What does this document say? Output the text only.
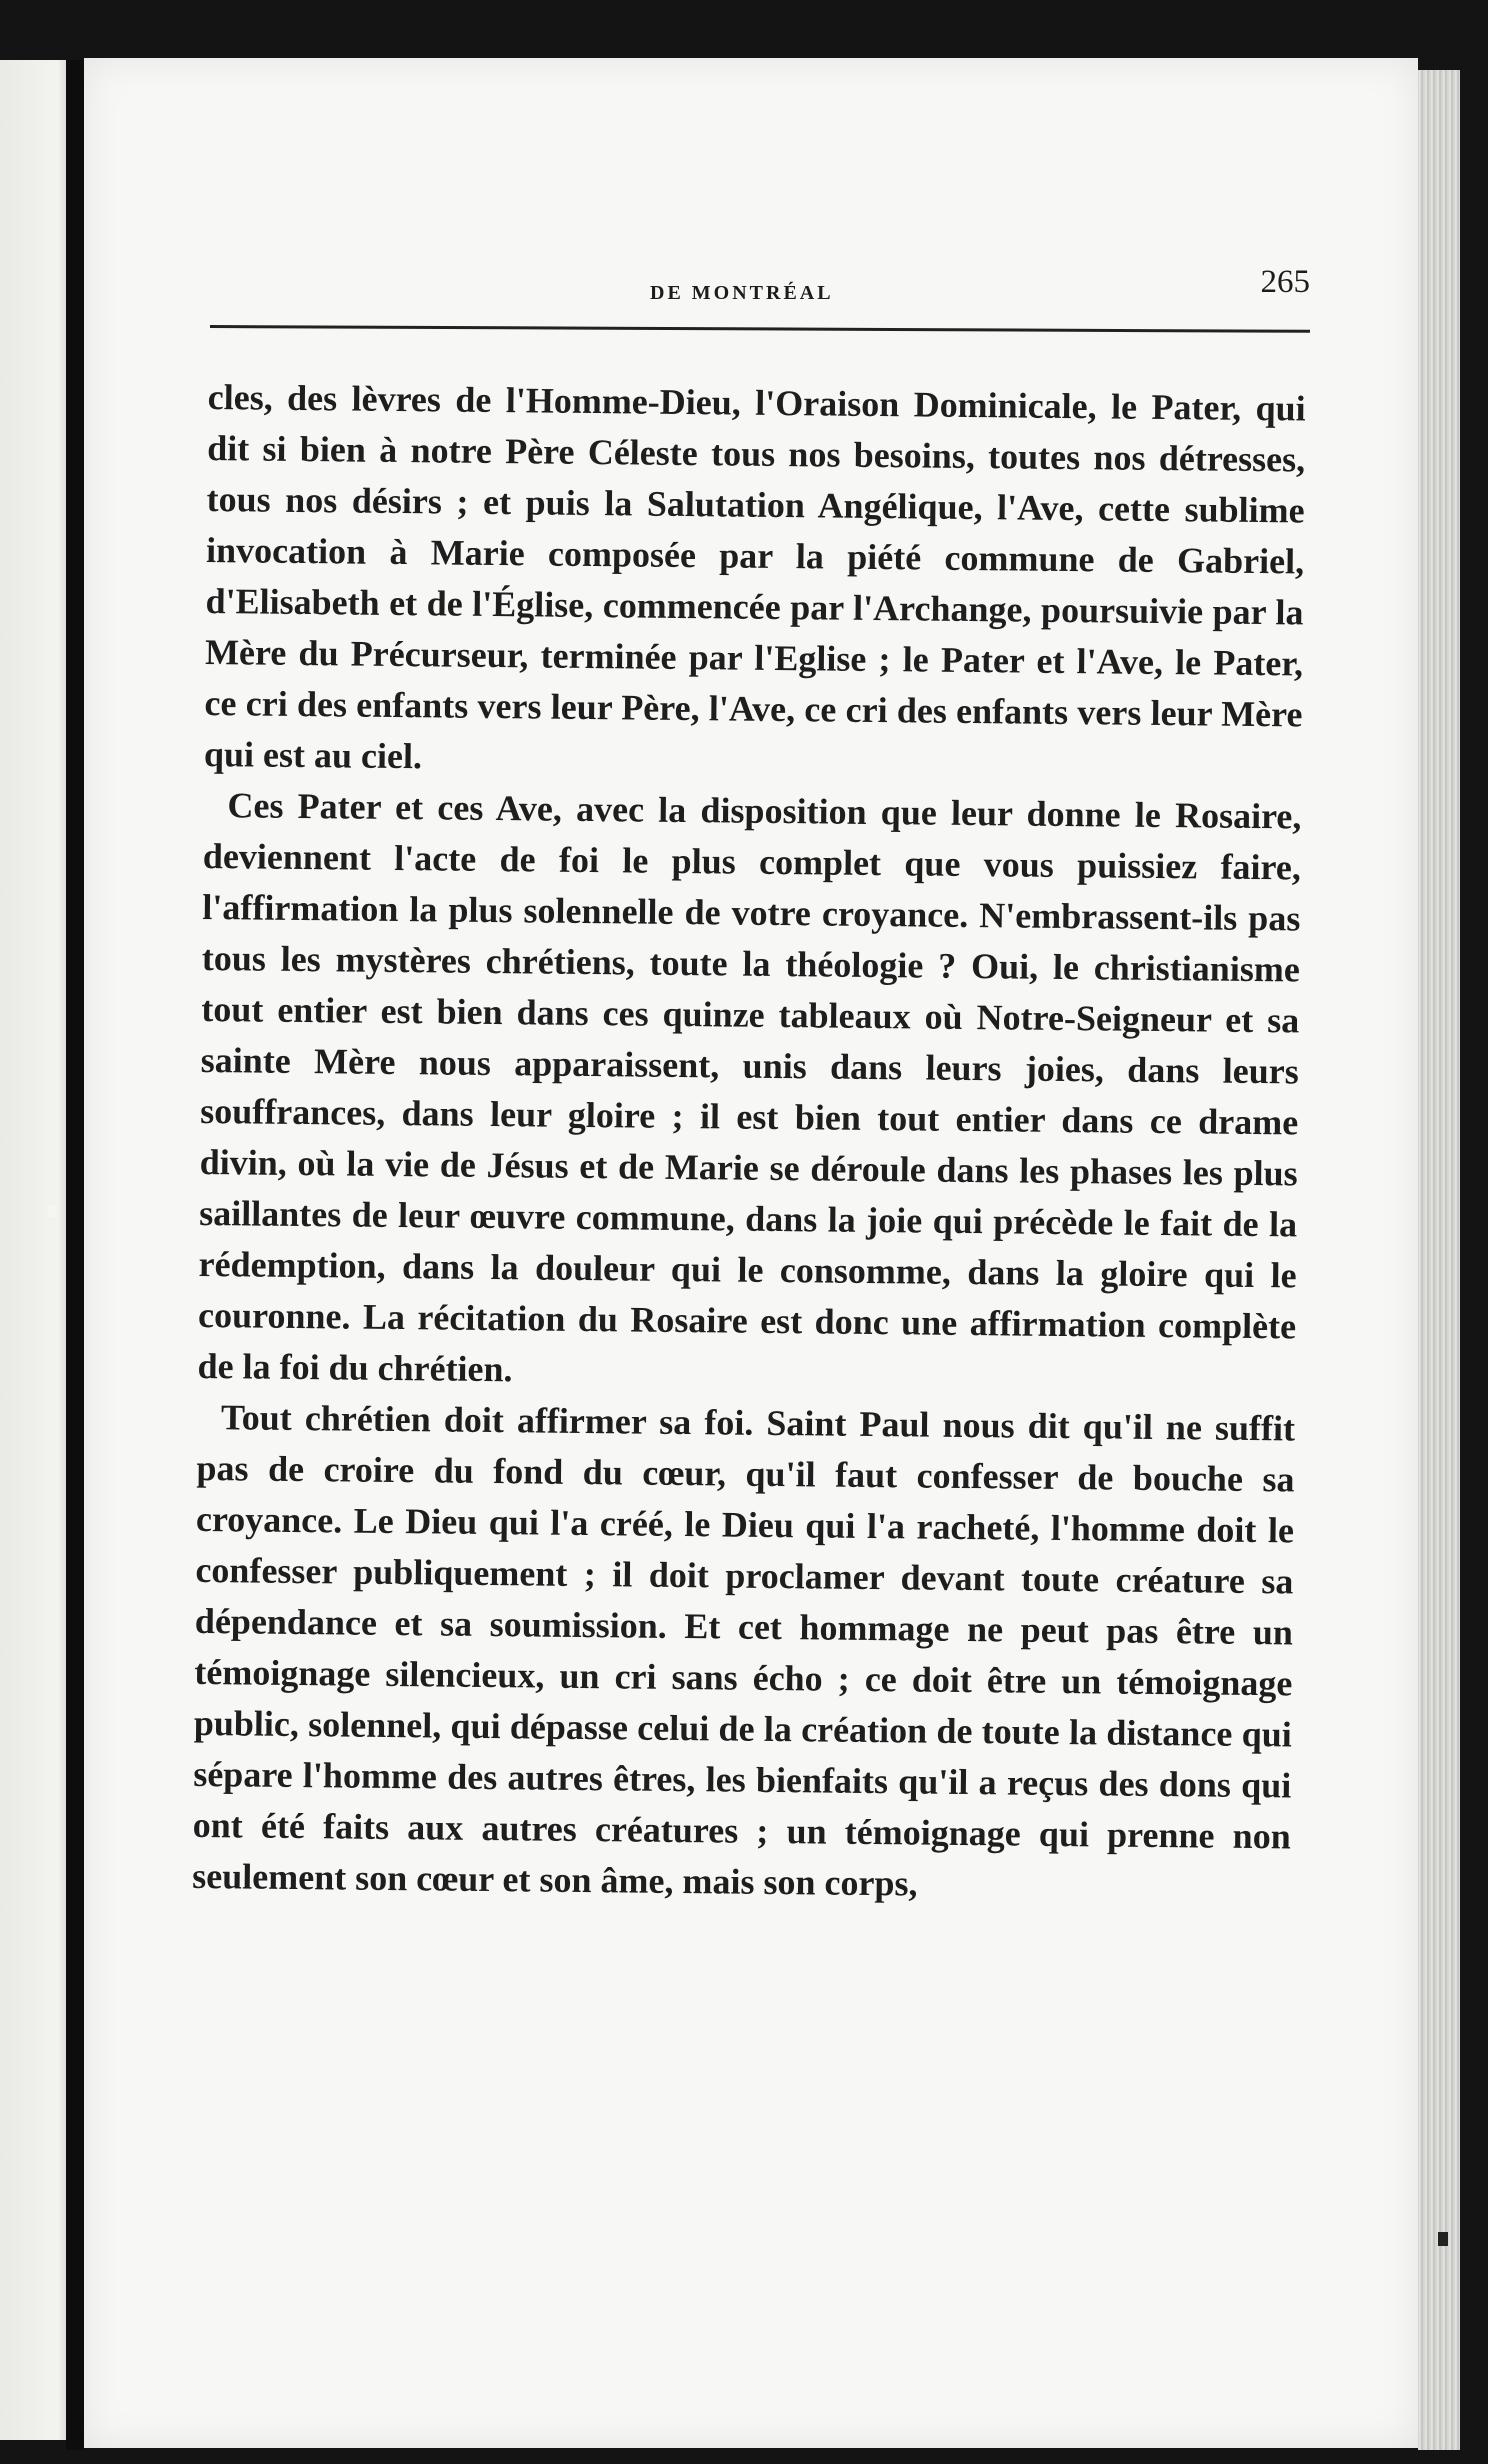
DE MONTRÉAL	265

cles, des lèvres de l'Homme-Dieu, l'Oraison Dominicale, le Pater, qui dit si bien à notre Père Céleste tous nos besoins, toutes nos détresses, tous nos désirs ; et puis la Salutation Angélique, l'Ave, cette sublime invocation à Marie composée par la piété commune de Gabriel, d'Elisabeth et de l'Église, commencée par l'Archange, poursuivie par la Mère du Précurseur, terminée par l'Eglise ; le Pater et l'Ave, le Pater, ce cri des enfants vers leur Père, l'Ave, ce cri des enfants vers leur Mère qui est au ciel.

Ces Pater et ces Ave, avec la disposition que leur donne le Rosaire, deviennent l'acte de foi le plus complet que vous puissiez faire, l'affirmation la plus solennelle de votre croyance. N'embrassent-ils pas tous les mystères chrétiens, toute la théologie ? Oui, le christianisme tout entier est bien dans ces quinze tableaux où Notre-Seigneur et sa sainte Mère nous apparaissent, unis dans leurs joies, dans leurs souffrances, dans leur gloire ; il est bien tout entier dans ce drame divin, où la vie de Jésus et de Marie se déroule dans les phases les plus saillantes de leur œuvre commune, dans la joie qui précède le fait de la rédemption, dans la douleur qui le consomme, dans la gloire qui le couronne. La récitation du Rosaire est donc une affirmation complète de la foi du chrétien.

Tout chrétien doit affirmer sa foi. Saint Paul nous dit qu'il ne suffit pas de croire du fond du cœur, qu'il faut confesser de bouche sa croyance. Le Dieu qui l'a créé, le Dieu qui l'a racheté, l'homme doit le confesser publiquement ; il doit proclamer devant toute créature sa dépendance et sa soumission. Et cet hommage ne peut pas être un témoignage silencieux, un cri sans écho ; ce doit être un témoignage public, solennel, qui dépasse celui de la création de toute la distance qui sépare l'homme des autres êtres, les bienfaits qu'il a reçus des dons qui ont été faits aux autres créatures ; un témoignage qui prenne non seulement son cœur et son âme, mais son corps,
